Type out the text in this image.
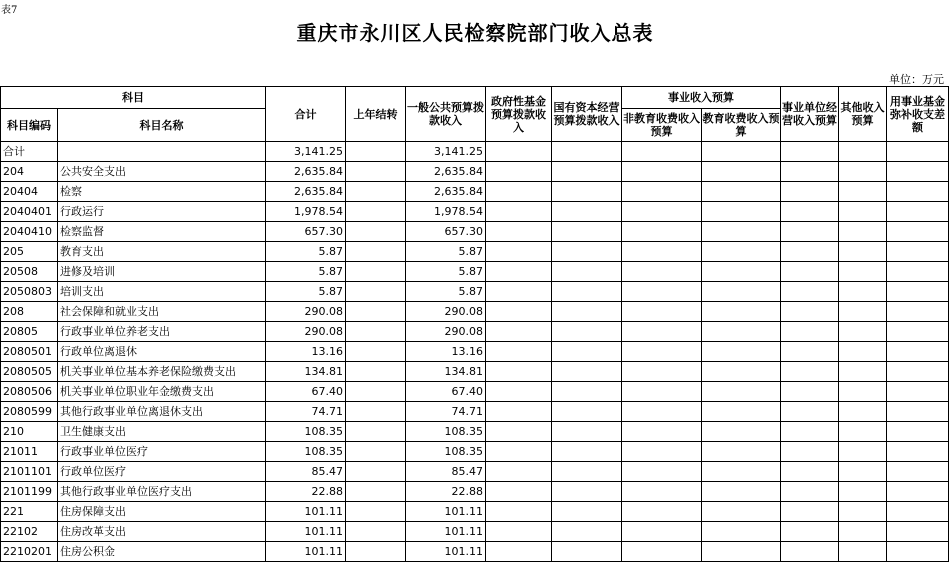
表7
重庆市永川区人民检察院部门收入总表
单位：万元
科目		合计	上年结转	一般公共预算拨款收入	政府性基金预算拨款收入	国有资本经营预算拨款收入	事业收入预算		事业单位经营收入预算	其他收入预算	用事业基金弥补收支差额
科目编码	科目名称						非教育收费收入预算	教育收费收入预算			

合计		3,141.25		3,141.25							
204	公共安全支出	2,635.84		2,635.84							
20404	检察	2,635.84		2,635.84							
2040401	行政运行	1,978.54		1,978.54							
2040410	检察监督	657.30		657.30							
205	教育支出	5.87		5.87							
20508	进修及培训	5.87		5.87							
2050803	培训支出	5.87		5.87							
208	社会保障和就业支出	290.08		290.08							
20805	行政事业单位养老支出	290.08		290.08							
2080501	行政单位离退休	13.16		13.16							
2080505	机关事业单位基本养老保险缴费支出	134.81		134.81							
2080506	机关事业单位职业年金缴费支出	67.40		67.40							
2080599	其他行政事业单位离退休支出	74.71		74.71							
210	卫生健康支出	108.35		108.35							
21011	行政事业单位医疗	108.35		108.35							
2101101	行政单位医疗	85.47		85.47							
2101199	其他行政事业单位医疗支出	22.88		22.88							
221	住房保障支出	101.11		101.11							
22102	住房改革支出	101.11		101.11							
2210201	住房公积金	101.11		101.11							
